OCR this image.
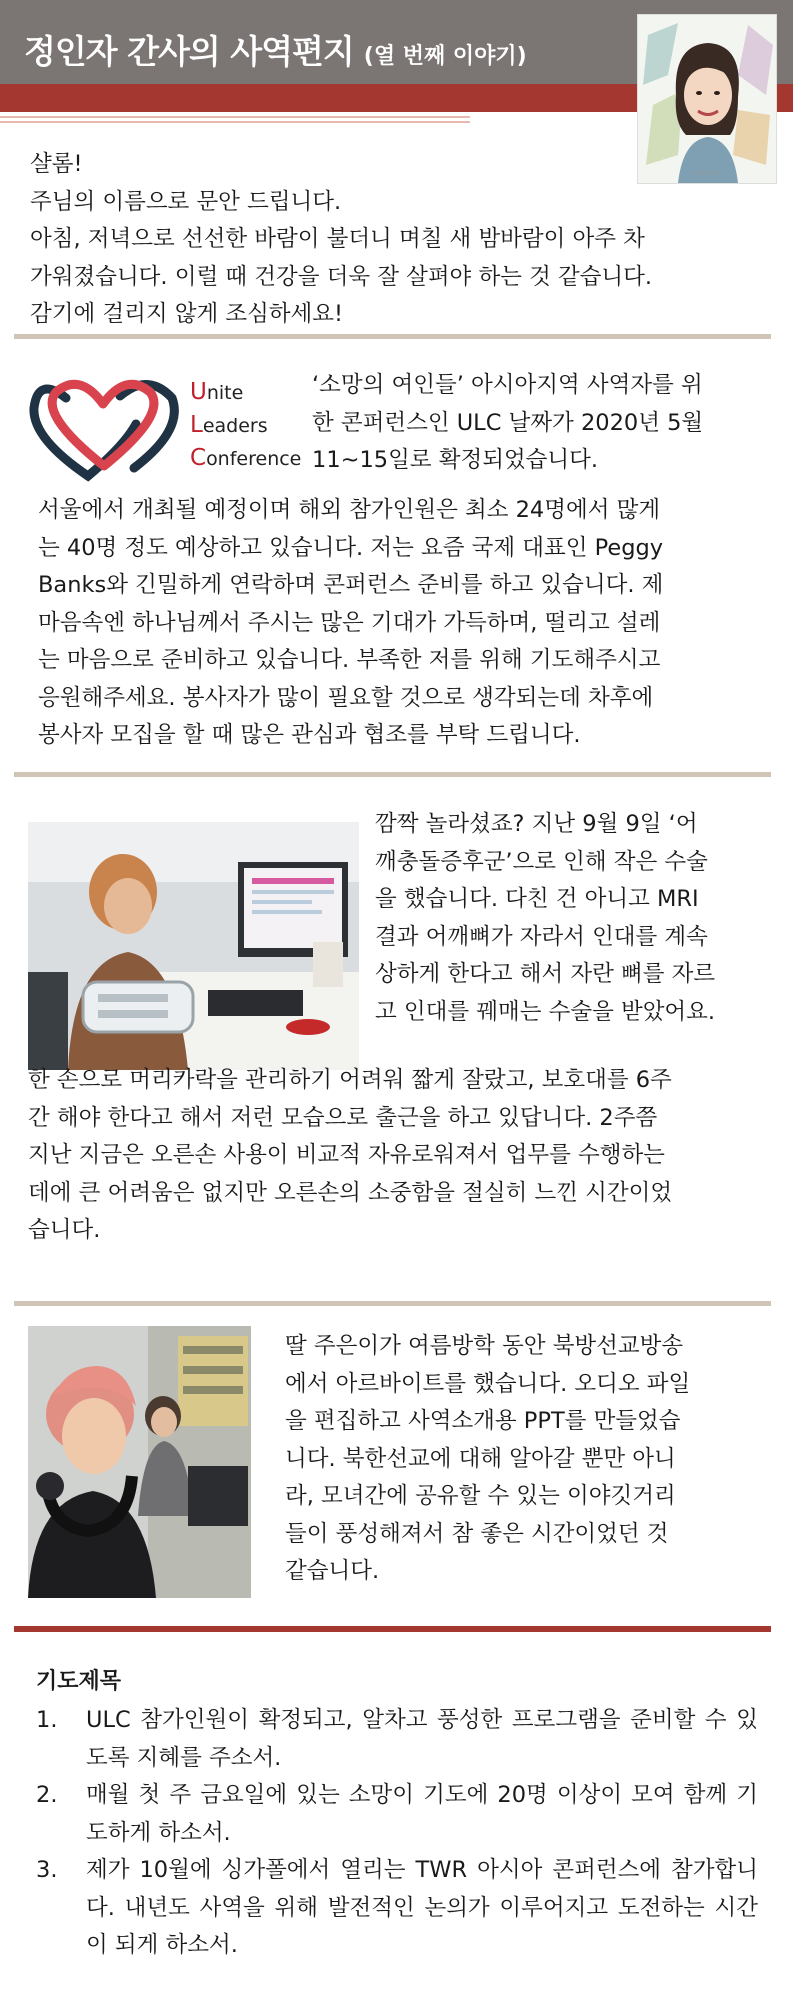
정인자 간사의 사역편지 (열 번째 이야기)
ROSINA
샬롬!
주님의 이름으로 문안 드립니다.
아침, 저녁으로 선선한 바람이 불더니 며칠 새 밤바람이 아주 차
가워졌습니다. 이럴 때 건강을 더욱 잘 살펴야 하는 것 같습니다.
감기에 걸리지 않게 조심하세요!
Unite
Leaders
Conference
‘소망의 여인들’ 아시아지역 사역자를 위
한 콘퍼런스인 ULC 날짜가 2020년 5월
11~15일로 확정되었습니다.
서울에서 개최될 예정이며 해외 참가인원은 최소 24명에서 많게
는 40명 정도 예상하고 있습니다. 저는 요즘 국제 대표인 Peggy
Banks와 긴밀하게 연락하며 콘퍼런스 준비를 하고 있습니다. 제
마음속엔 하나님께서 주시는 많은 기대가 가득하며, 떨리고 설레
는 마음으로 준비하고 있습니다. 부족한 저를 위해 기도해주시고
응원해주세요. 봉사자가 많이 필요할 것으로 생각되는데 차후에
봉사자 모집을 할 때 많은 관심과 협조를 부탁 드립니다.
깜짝 놀라셨죠? 지난 9월 9일 ‘어
깨충돌증후군’으로 인해 작은 수술
을 했습니다. 다친 건 아니고 MRI
결과 어깨뼈가 자라서 인대를 계속
상하게 한다고 해서 자란 뼈를 자르
고 인대를 꿰매는 수술을 받았어요.
한 손으로 머리카락을 관리하기 어려워 짧게 잘랐고, 보호대를 6주
간 해야 한다고 해서 저런 모습으로 출근을 하고 있답니다. 2주쯤
지난 지금은 오른손 사용이 비교적 자유로워져서 업무를 수행하는
데에 큰 어려움은 없지만 오른손의 소중함을 절실히 느낀 시간이었
습니다.
딸 주은이가 여름방학 동안 북방선교방송
에서 아르바이트를 했습니다. 오디오 파일
을 편집하고 사역소개용 PPT를 만들었습
니다. 북한선교에 대해 알아갈 뿐만 아니
라, 모녀간에 공유할 수 있는 이야깃거리
들이 풍성해져서 참 좋은 시간이었던 것
같습니다.
기도제목
1. ULC 참가인원이 확정되고, 알차고 풍성한 프로그램을 준비할 수 있도록 지혜를 주소서.
2. 매월 첫 주 금요일에 있는 소망이 기도에 20명 이상이 모여 함께 기도하게 하소서.
3. 제가 10월에 싱가폴에서 열리는 TWR 아시아 콘퍼런스에 참가합니다. 내년도 사역을 위해 발전적인 논의가 이루어지고 도전하는 시간이 되게 하소서.
